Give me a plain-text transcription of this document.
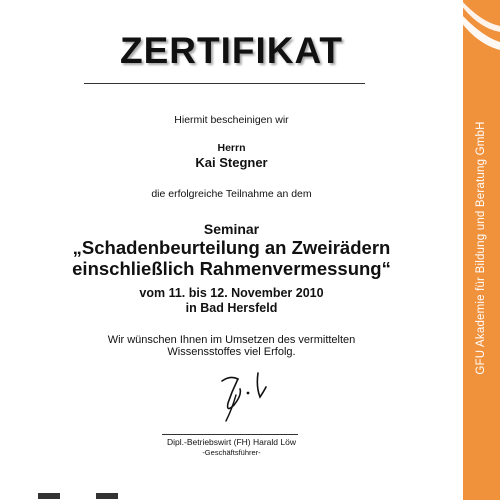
GFU Akademie für Bildung und Beratung GmbH
ZERTIFIKAT
Hiermit bescheinigen wir
Herrn
Kai Stegner
die erfolgreiche Teilnahme an dem
Seminar
„Schadenbeurteilung an Zweirädern
einschließlich Rahmenvermessung“
vom 11. bis 12. November 2010
in Bad Hersfeld
Wir wünschen Ihnen im Umsetzen des vermittelten
Wissensstoffes viel Erfolg.
Dipl.-Betriebswirt (FH) Harald Löw
-Geschäftsführer-
